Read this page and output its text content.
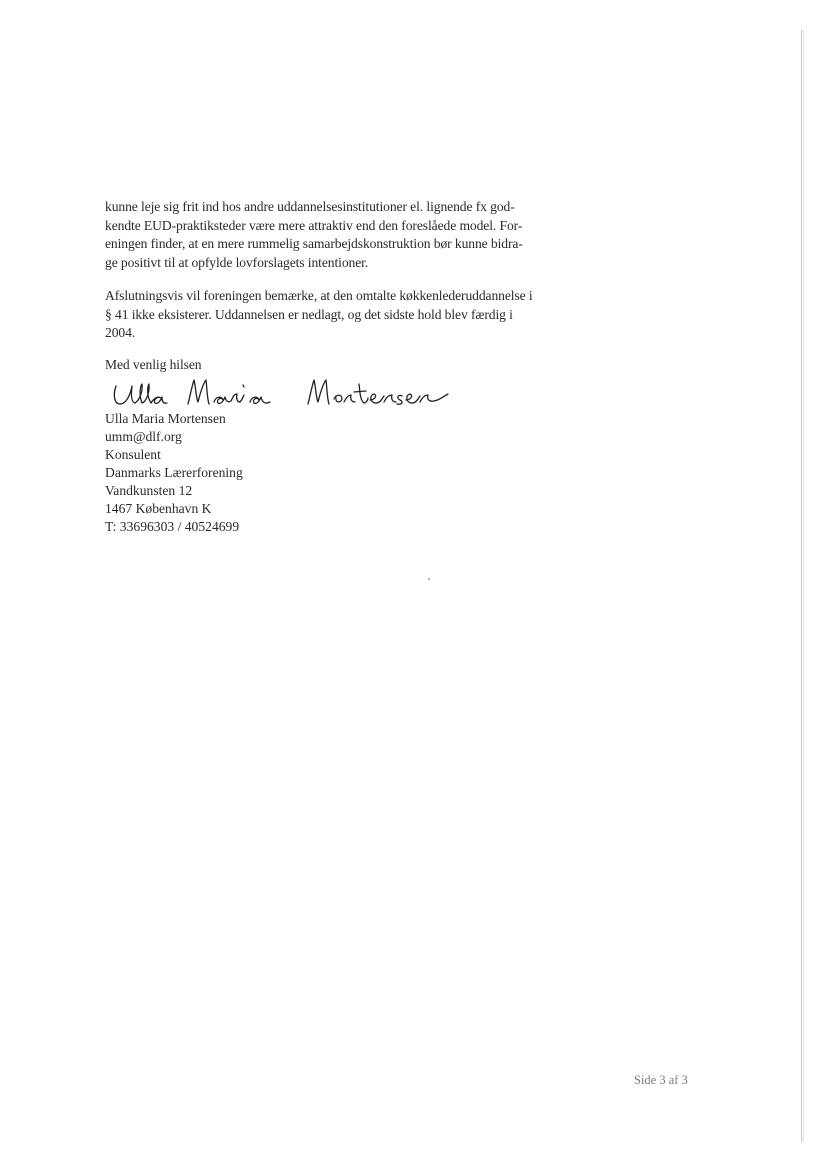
kunne leje sig frit ind hos andre uddannelsesinstitutioner el. lignende fx god-
kendte EUD-praktiksteder være mere attraktiv end den foreslåede model. For-
eningen finder, at en mere rummelig samarbejdskonstruktion bør kunne bidra-
ge positivt til at opfylde lovforslagets intentioner.
Afslutningsvis vil foreningen bemærke, at den omtalte køkkenlederuddannelse i
§ 41 ikke eksisterer. Uddannelsen er nedlagt, og det sidste hold blev færdig i
2004.
Med venlig hilsen
Ulla Maria Mortensen
umm@dlf.org
Konsulent
Danmarks Lærerforening
Vandkunsten 12
1467 København K
T: 33696303 / 40524699
Side 3 af 3
